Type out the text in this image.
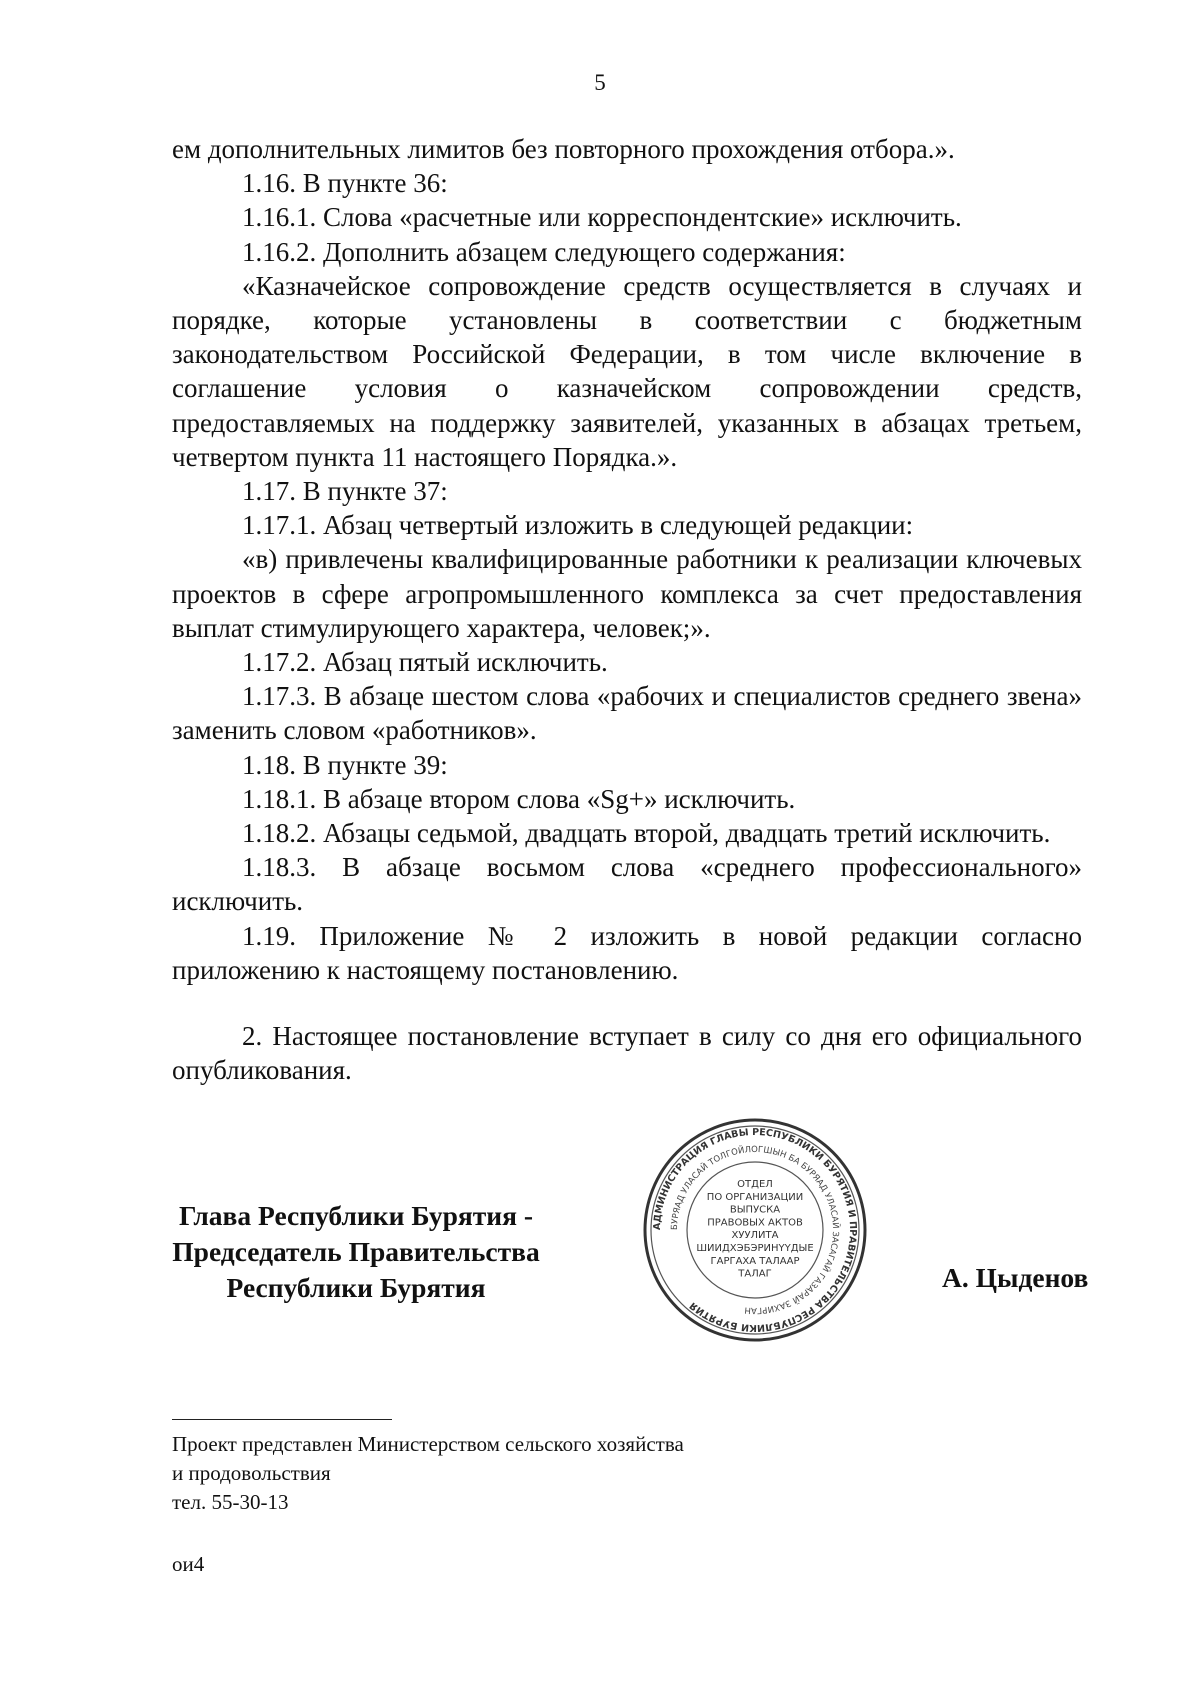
5

ем дополнительных лимитов без повторного прохождения отбора.».

1.16. В пункте 36:

1.16.1. Слова «расчетные или корреспондентские» исключить.

1.16.2. Дополнить абзацем следующего содержания:

«Казначейское сопровождение средств осуществляется в случаях и порядке, которые установлены в соответствии с бюджетным законодательством Российской Федерации, в том числе включение в соглашение условия о казначейском сопровождении средств, предоставляемых на поддержку заявителей, указанных в абзацах третьем, четвертом пункта 11 настоящего Порядка.».

1.17. В пункте 37:

1.17.1. Абзац четвертый изложить в следующей редакции:

«в) привлечены квалифицированные работники к реализации ключевых проектов в сфере агропромышленного комплекса за счет предоставления выплат стимулирующего характера, человек;».

1.17.2. Абзац пятый исключить.

1.17.3. В абзаце шестом слова «рабочих и специалистов среднего звена» заменить словом «работников».

1.18. В пункте 39:

1.18.1. В абзаце втором слова «Sg+» исключить.

1.18.2. Абзацы седьмой, двадцать второй, двадцать третий исключить.

1.18.3. В абзаце восьмом слова «среднего профессионального» исключить.

1.19. Приложение № 2 изложить в новой редакции согласно приложению к настоящему постановлению.

2. Настоящее постановление вступает в силу со дня его официального опубликования.

Глава Республики Бурятия -
Председатель Правительства
Республики Бурятия
АДМИНИСТРАЦИЯ ГЛАВЫ РЕСПУБЛИКИ БУРЯТИЯ И ПРАВИТЕЛЬСТВА РЕСПУБЛИКИ БУРЯТИЯ
БУРЯАД УЛАСАЙ ТОЛГОЙЛОГШЫН БА БУРЯАД УЛАСАЙ ЗАСАГАЙ ГАЗАРАЙ ЗАХИРГАН
ОТДЕЛ
ПО ОРГАНИЗАЦИИ
ВЫПУСКА
ПРАВОВЫХ АКТОВ
ХУУЛИТА
ШИИДХЭБЭРИНҮҮДЫЕ
ГАРГАХА ТАЛААР
ТАЛАГ	А. Цыденов
Проект представлен Министерством сельского хозяйства
и продовольствия
тел. 55-30-13
ои4
